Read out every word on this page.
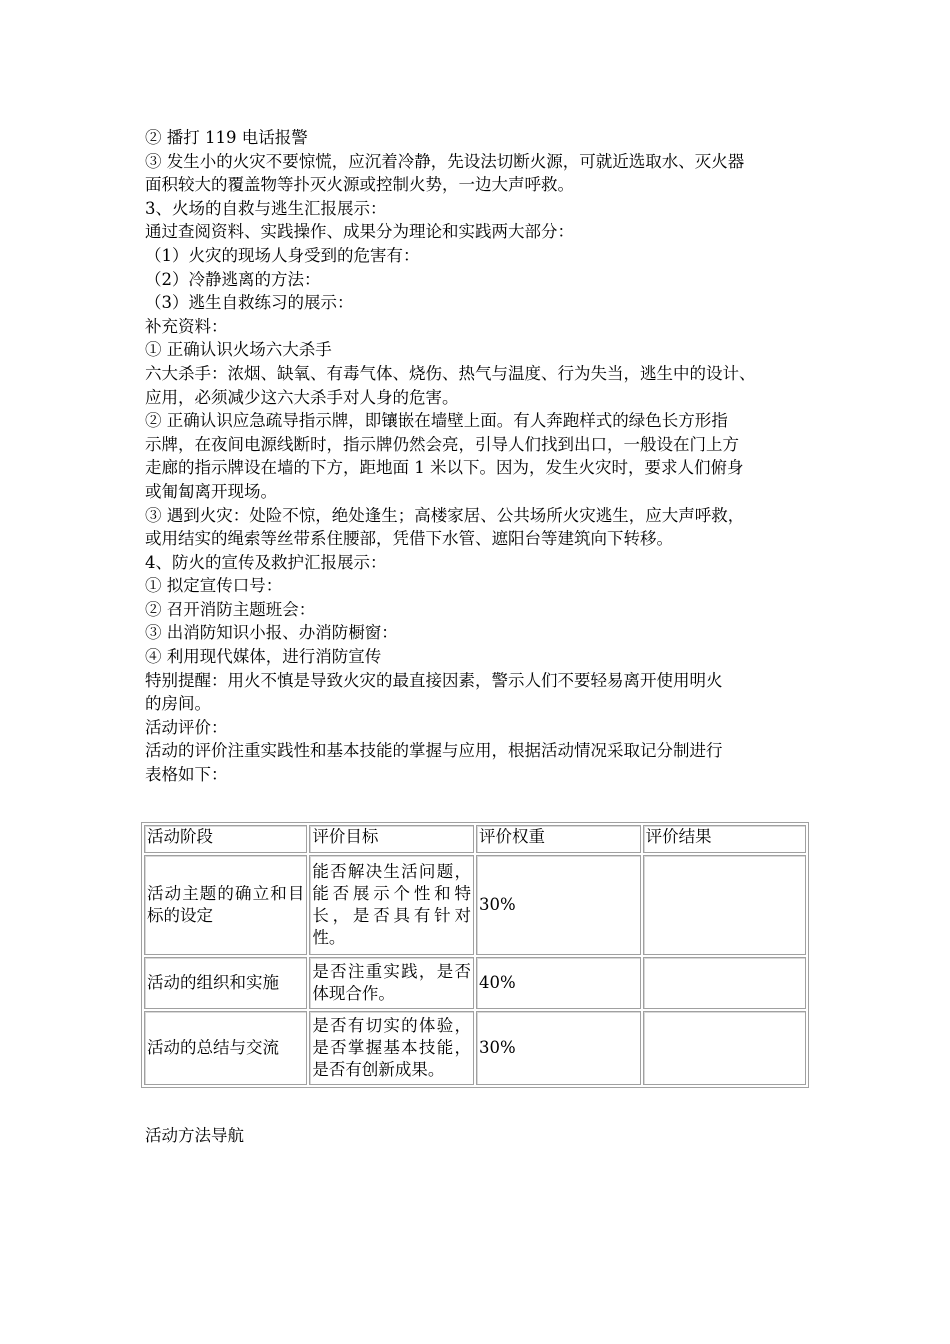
② 播打 119 电话报警
③ 发生小的火灾不要惊慌，应沉着冷静，先设法切断火源，可就近选取水、灭火器
面积较大的覆盖物等扑灭火源或控制火势，一边大声呼救。
3、火场的自救与逃生汇报展示：
通过查阅资料、实践操作、成果分为理论和实践两大部分：
（1）火灾的现场人身受到的危害有：
（2）冷静逃离的方法：
（3）逃生自救练习的展示：
补充资料：
① 正确认识火场六大杀手
六大杀手：浓烟、缺氧、有毒气体、烧伤、热气与温度、行为失当，逃生中的设计、
应用，必须减少这六大杀手对人身的危害。
② 正确认识应急疏导指示牌，即镶嵌在墙壁上面。有人奔跑样式的绿色长方形指
示牌，在夜间电源线断时，指示牌仍然会亮，引导人们找到出口，一般设在门上方
走廊的指示牌设在墙的下方，距地面 1 米以下。因为，发生火灾时，要求人们俯身
或匍匐离开现场。
③ 遇到火灾：处险不惊，绝处逢生；高楼家居、公共场所火灾逃生，应大声呼救，
或用结实的绳索等丝带系住腰部，凭借下水管、遮阳台等建筑向下转移。
4、防火的宣传及救护汇报展示：
① 拟定宣传口号：
② 召开消防主题班会：
③ 出消防知识小报、办消防橱窗：
④ 利用现代媒体，进行消防宣传
特别提醒：用火不慎是导致火灾的最直接因素，警示人们不要轻易离开使用明火
的房间。
活动评价：
活动的评价注重实践性和基本技能的掌握与应用，根据活动情况采取记分制进行
表格如下：
活动阶段	评价目标	评价权重	评价结果
活动主题的确立和目标的设定	能否解决生活问题，能否展示个性和特长，是否具有针对性。	30%	
活动的组织和实施	是否注重实践，是否体现合作。	40%	
活动的总结与交流	是否有切实的体验，是否掌握基本技能，是否有创新成果。	30%	
活动方法导航
